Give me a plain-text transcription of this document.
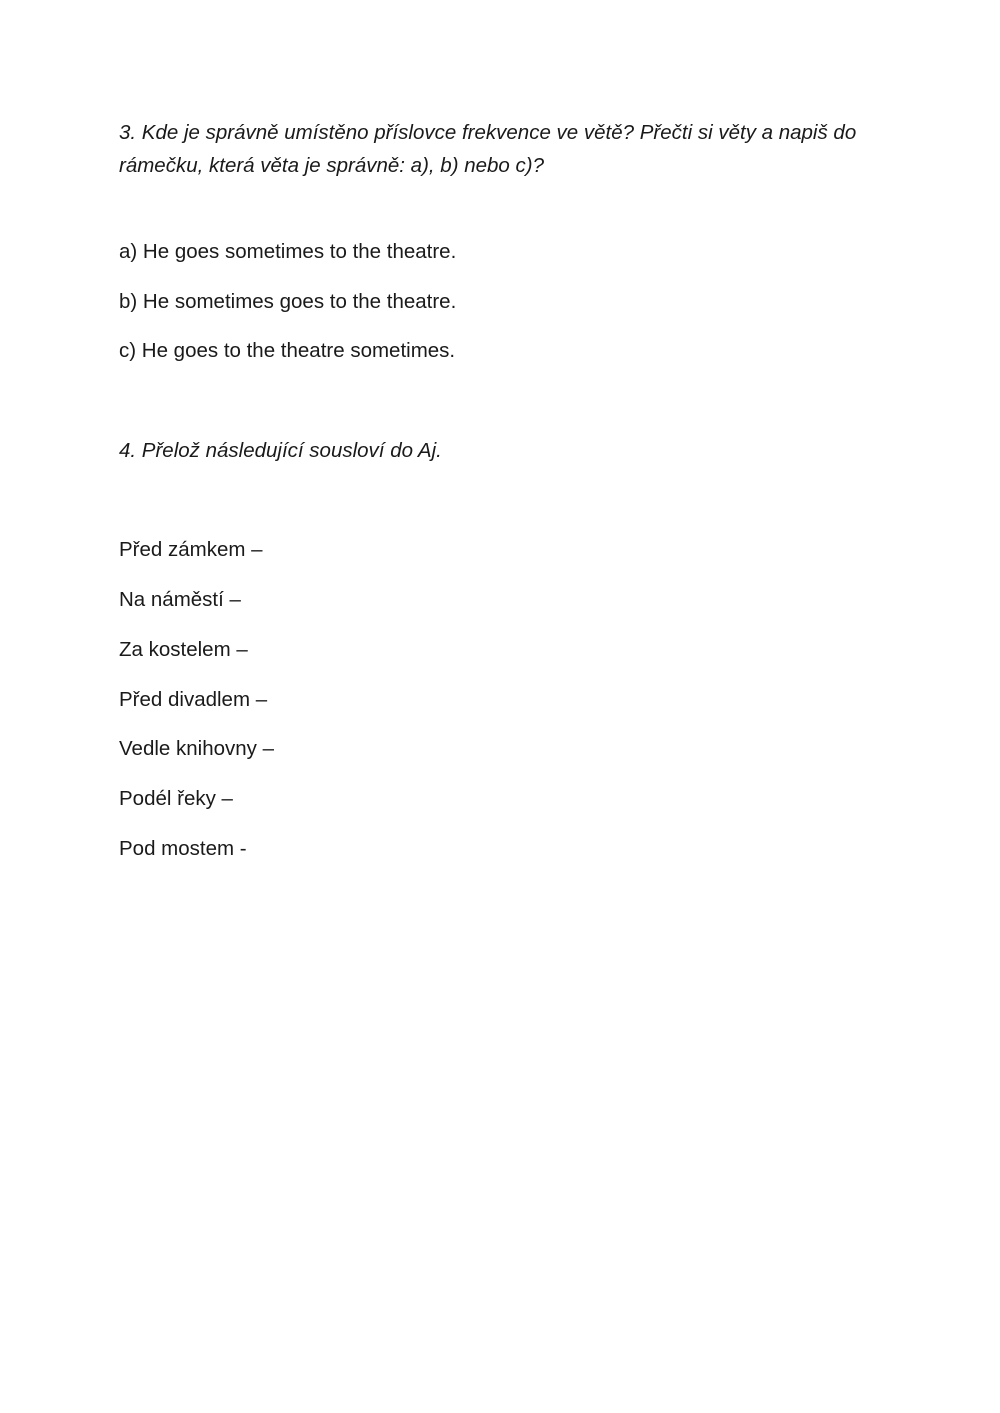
3. Kde je správně umístěno příslovce frekvence ve větě? Přečti si věty a napiš do rámečku, která věta je správně: a), b) nebo c)?
a) He goes sometimes to the theatre.
b) He sometimes goes to the theatre.
c) He goes to the theatre sometimes.
4. Přelož následující sousloví do Aj.
Před zámkem –
Na náměstí –
Za kostelem –
Před divadlem –
Vedle knihovny –
Podél řeky –
Pod mostem -
